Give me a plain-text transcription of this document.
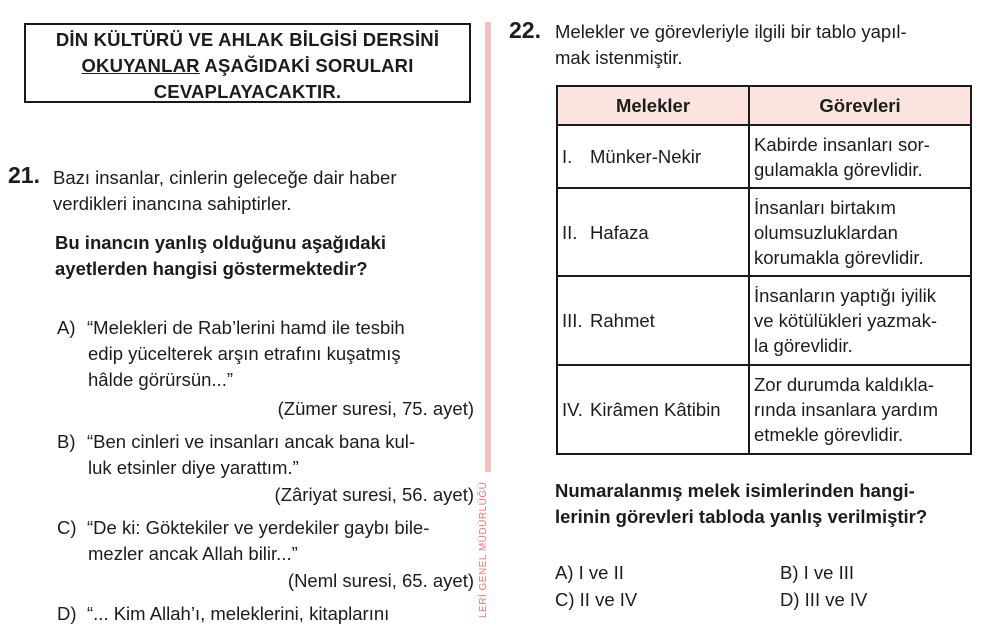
DİN KÜLTÜRÜ VE AHLAK BİLGİSİ DERSİNİ
OKUYANLAR AŞAĞIDAKİ SORULARI
CEVAPLAYACAKTIR.
21. Bazı insanlar, cinlerin geleceğe dair haber
verdikleri inancına sahiptirler.
Bu inancın yanlış olduğunu aşağıdaki
ayetlerden hangisi göstermektedir?
A) “Melekleri de Rab’lerini hamd ile tesbih
edip yücelterek arşın etrafını kuşatmış
hâlde görürsün...”
(Zümer suresi, 75. ayet)
B) “Ben cinleri ve insanları ancak bana kul-
luk etsinler diye yarattım.”
(Zâriyat suresi, 56. ayet)
C) “De ki: Göktekiler ve yerdekiler gaybı bile-
mezler ancak Allah bilir...”
(Neml suresi, 65. ayet)
D) “... Kim Allah’ı, meleklerini, kitaplarını	LERİ GENEL MÜDÜRLÜĞÜ
22. Melekler ve görevleriyle ilgili bir tablo yapıl-
mak istenmiştir.
Melekler	Görevleri
I. Münker-Nekir	Kabirde insanları sor-
gulamakla görevlidir.

II. Hafaza	İnsanları birtakım
olumsuzluklardan
korumakla görevlidir.

III. Rahmet	İnsanların yaptığı iyilik
ve kötülükleri yazmak-
la görevlidir.

IV. Kirâmen Kâtibin	Zor durumda kaldıkla-
rında insanlara yardım
etmekle görevlidir.
Numaralanmış melek isimlerinden hangi-
lerinin görevleri tabloda yanlış verilmiştir?
A) I ve II	B) I ve III
C) II ve IV	D) III ve IV
